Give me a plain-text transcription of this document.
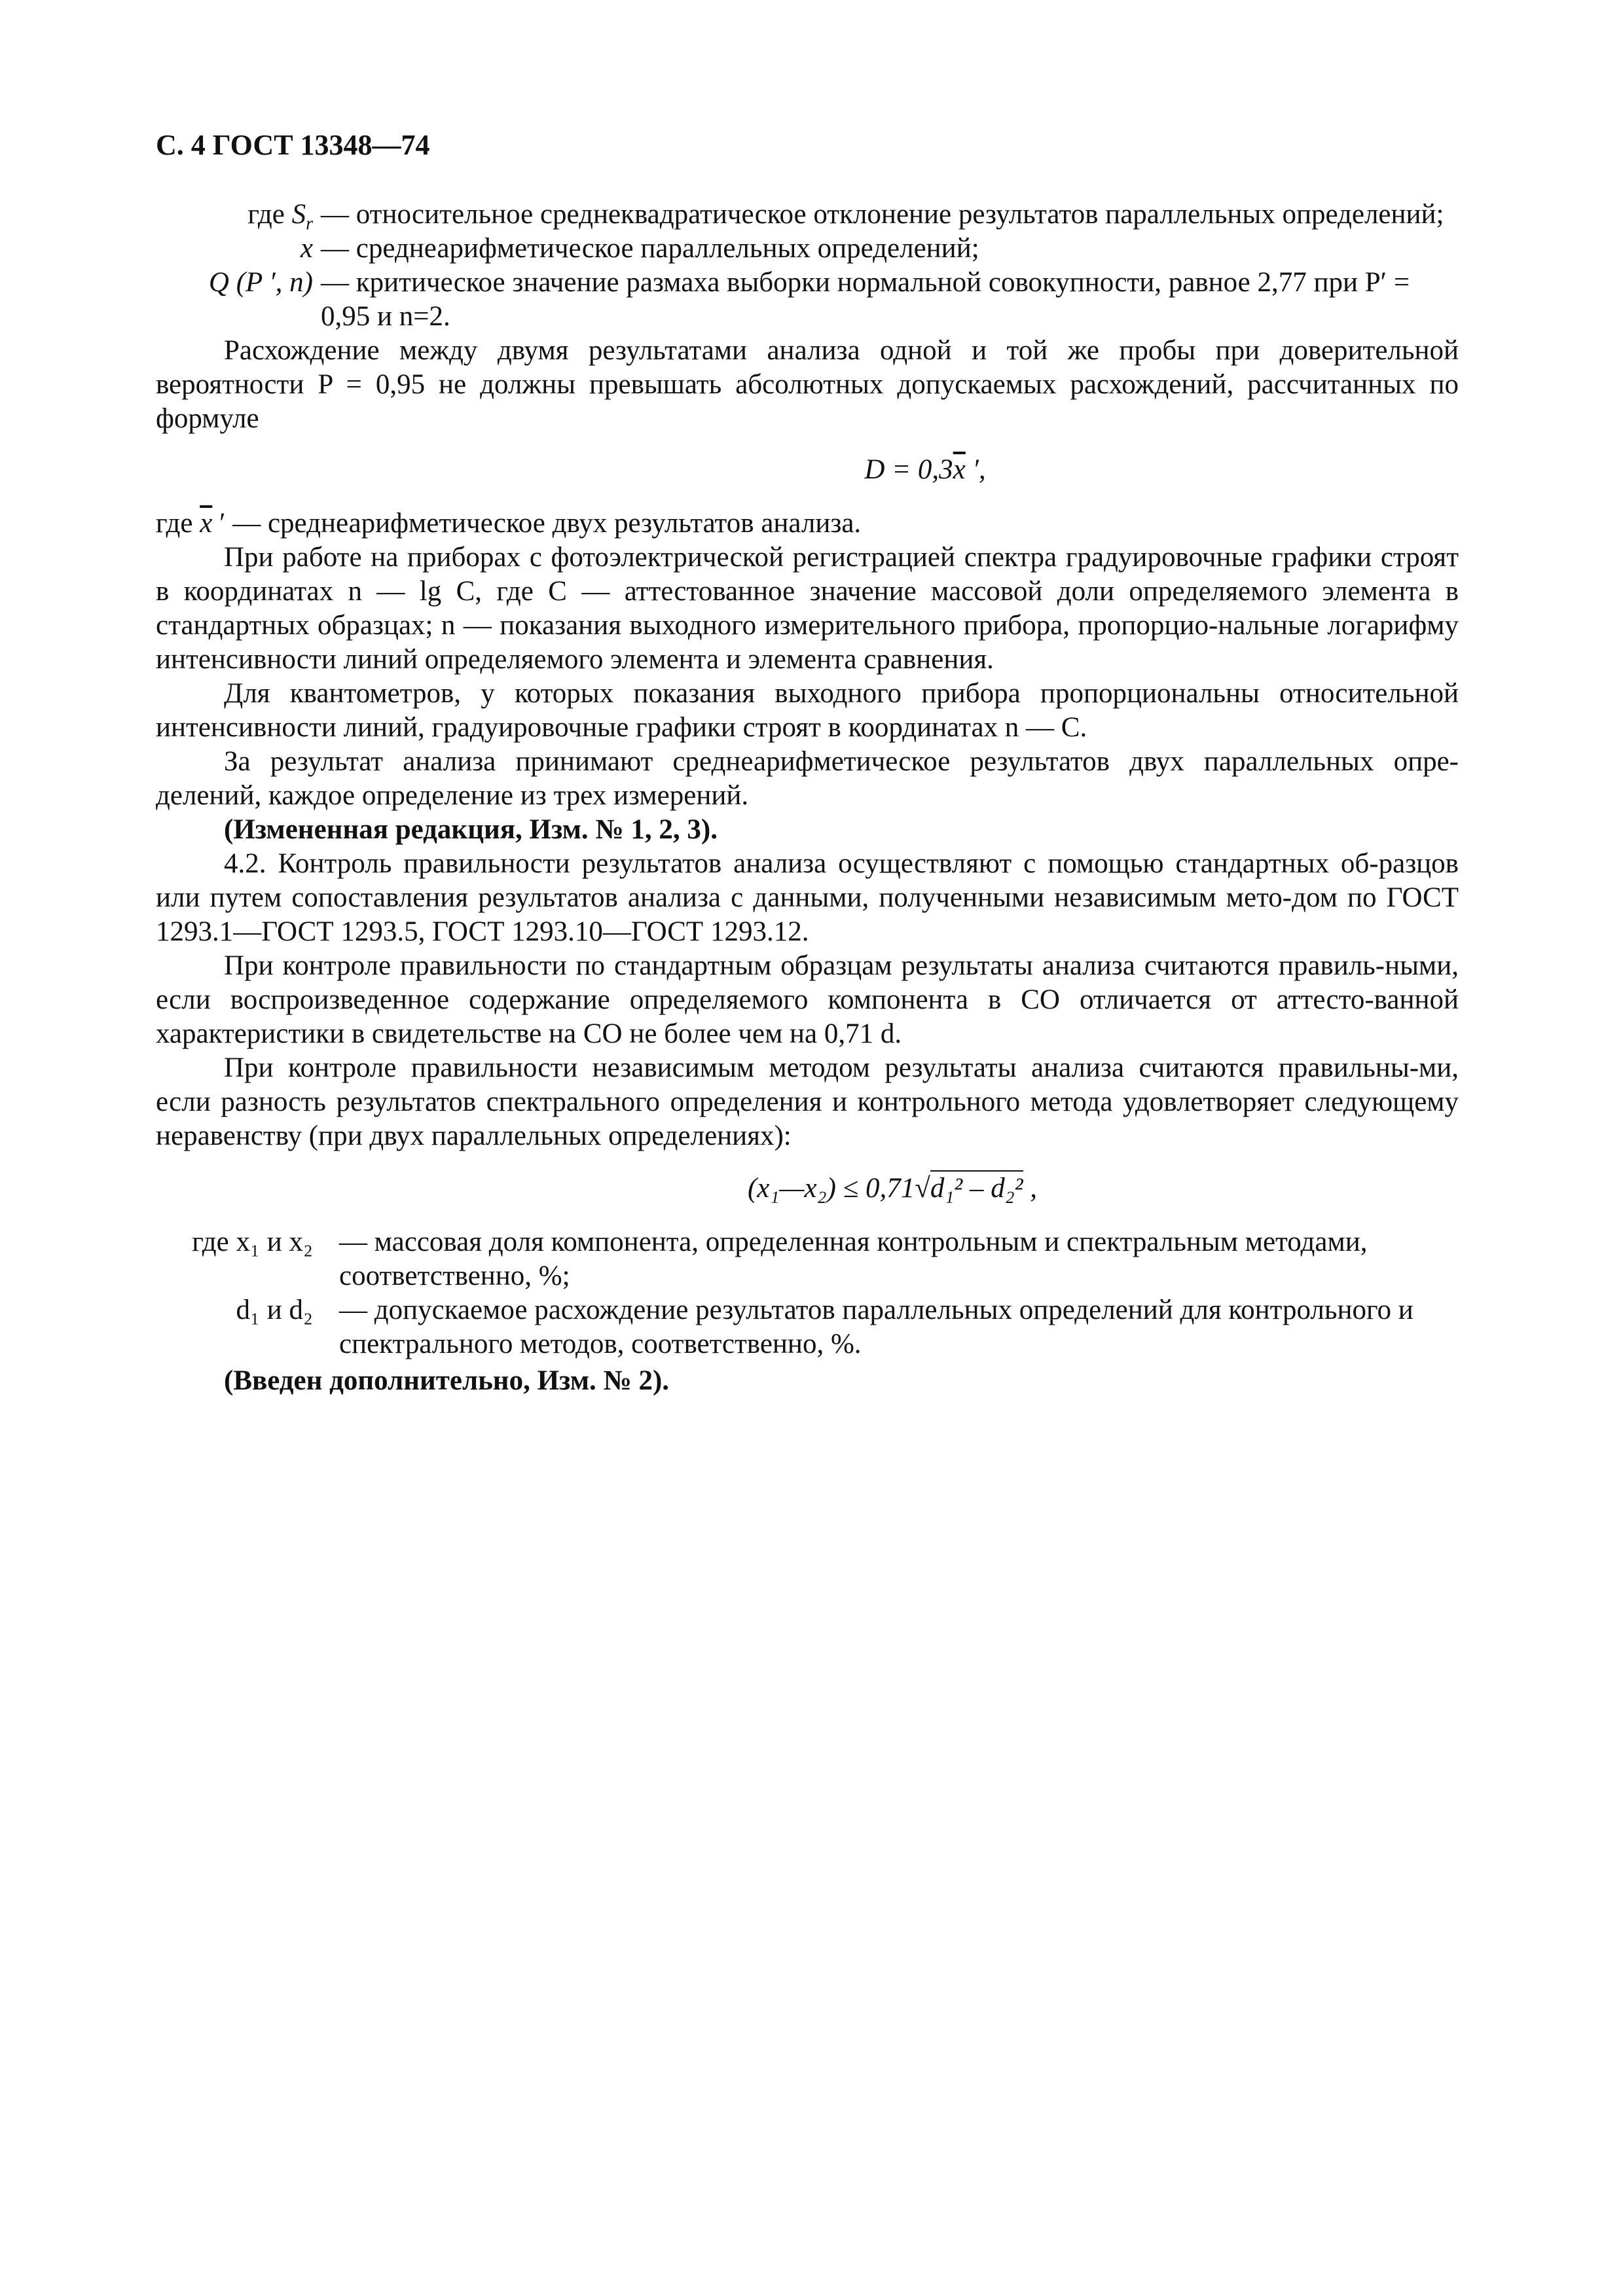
С. 4 ГОСТ 13348—74
где $S_r$ — относительное среднеквадратическое отклонение результатов параллельных определений;
x — среднеарифметическое параллельных определений;
Q (P ′, n) — критическое значение размаха выборки нормальной совокупности, равное 2,77 при P′ = 0,95 и n=2.

Расхождение между двумя результатами анализа одной и той же пробы при доверительной вероятности P = 0,95 не должны превышать абсолютных допускаемых расхождений, рассчитанных по формуле

$D = 0,3\overline{x}$ ′,

где $\overline{x}$ ′ — среднеарифметическое двух результатов анализа.

При работе на приборах с фотоэлектрической регистрацией спектра градуировочные графики строят в координатах n — lg C, где C — аттестованное значение массовой доли определяемого элемента в стандартных образцах; n — показания выходного измерительного прибора, пропорцио-нальные логарифму интенсивности линий определяемого элемента и элемента сравнения.

Для квантометров, у которых показания выходного прибора пропорциональны относительной интенсивности линий, градуировочные графики строят в координатах n — C.

За результат анализа принимают среднеарифметическое результатов двух параллельных опре-делений, каждое определение из трех измерений.

(Измененная редакция, Изм. № 1, 2, 3).

4.2. Контроль правильности результатов анализа осуществляют с помощью стандартных об-разцов или путем сопоставления результатов анализа с данными, полученными независимым мето-дом по ГОСТ 1293.1—ГОСТ 1293.5, ГОСТ 1293.10—ГОСТ 1293.12.

При контроле правильности по стандартным образцам результаты анализа считаются правиль-ными, если воспроизведенное содержание определяемого компонента в СО отличается от аттесто-ванной характеристики в свидетельстве на СО не более чем на 0,71 d.

При контроле правильности независимым методом результаты анализа считаются правильны-ми, если разность результатов спектрального определения и контрольного метода удовлетворяет следующему неравенству (при двух параллельных определениях):

(x₁—x₂) ≤ 0,71√d₁² – d₂² ,
где x₁ и x₂ — массовая доля компонента, определенная контрольным и спектральным методами, соответственно, %;
d₁ и d₂ — допускаемое расхождение результатов параллельных определений для контрольного и спектрального методов, соответственно, %.

(Введен дополнительно, Изм. № 2).
